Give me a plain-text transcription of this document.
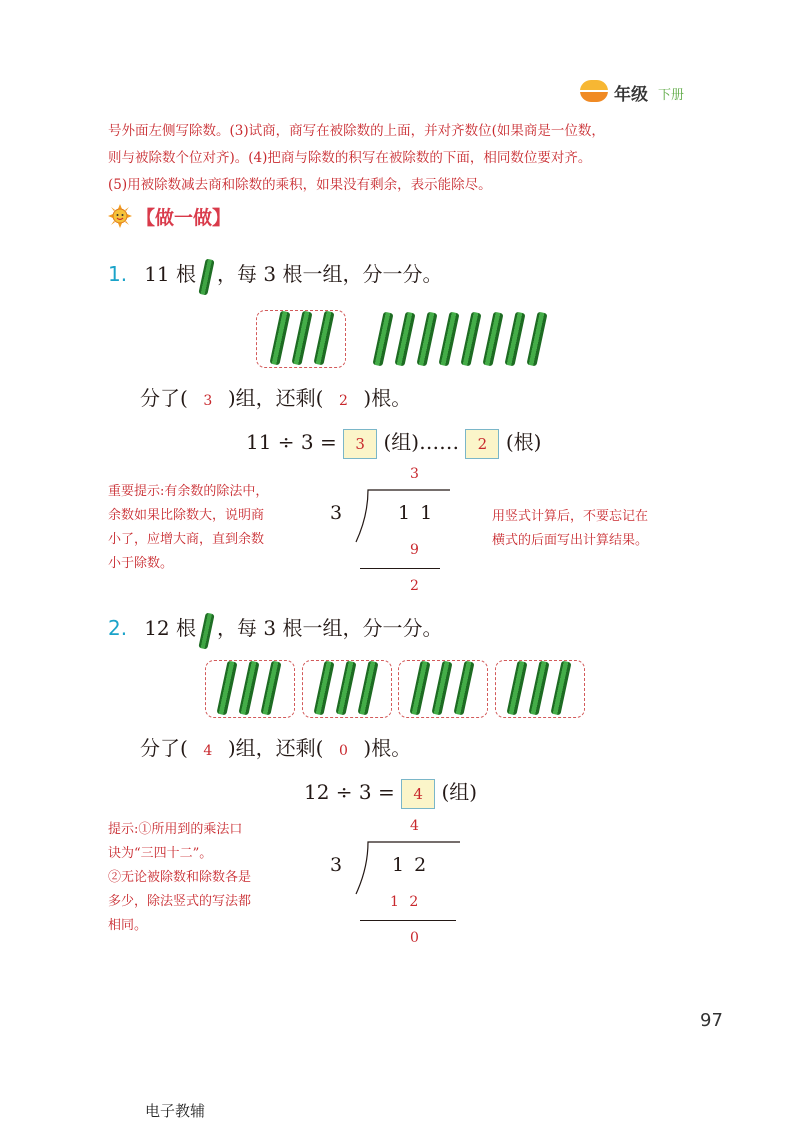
年级 下册
号外面左侧写除数。(3)试商，商写在被除数的上面，并对齐数位(如果商是一位数，
则与被除数个位对齐)。(4)把商与除数的积写在被除数的下面，相同数位要对齐。
(5)用被除数减去商和除数的乘积，如果没有剩余，表示能除尽。
【做一做】
1. 11 根 ，每 3 根一组，分一分。
分了( 3 )组，还剩( 2 )根。
11 ÷ 3 = 3 (组)…… 2 (根)
重要提示:有余数的除法中，
余数如果比除数大，说明商
小了，应增大商，直到余数
小于除数。
用竖式计算后，不要忘记在
横式的后面写出计算结果。
3
3	1 1
9
2
2. 12 根 ，每 3 根一组，分一分。
分了( 4 )组，还剩( 0 )根。
12 ÷ 3 = 4 (组)
提示:①所用到的乘法口
诀为“三四十二”。
②无论被除数和除数各是
多少，除法竖式的写法都
相同。
4
3	1 2
1 2
0
97
电子教辅
